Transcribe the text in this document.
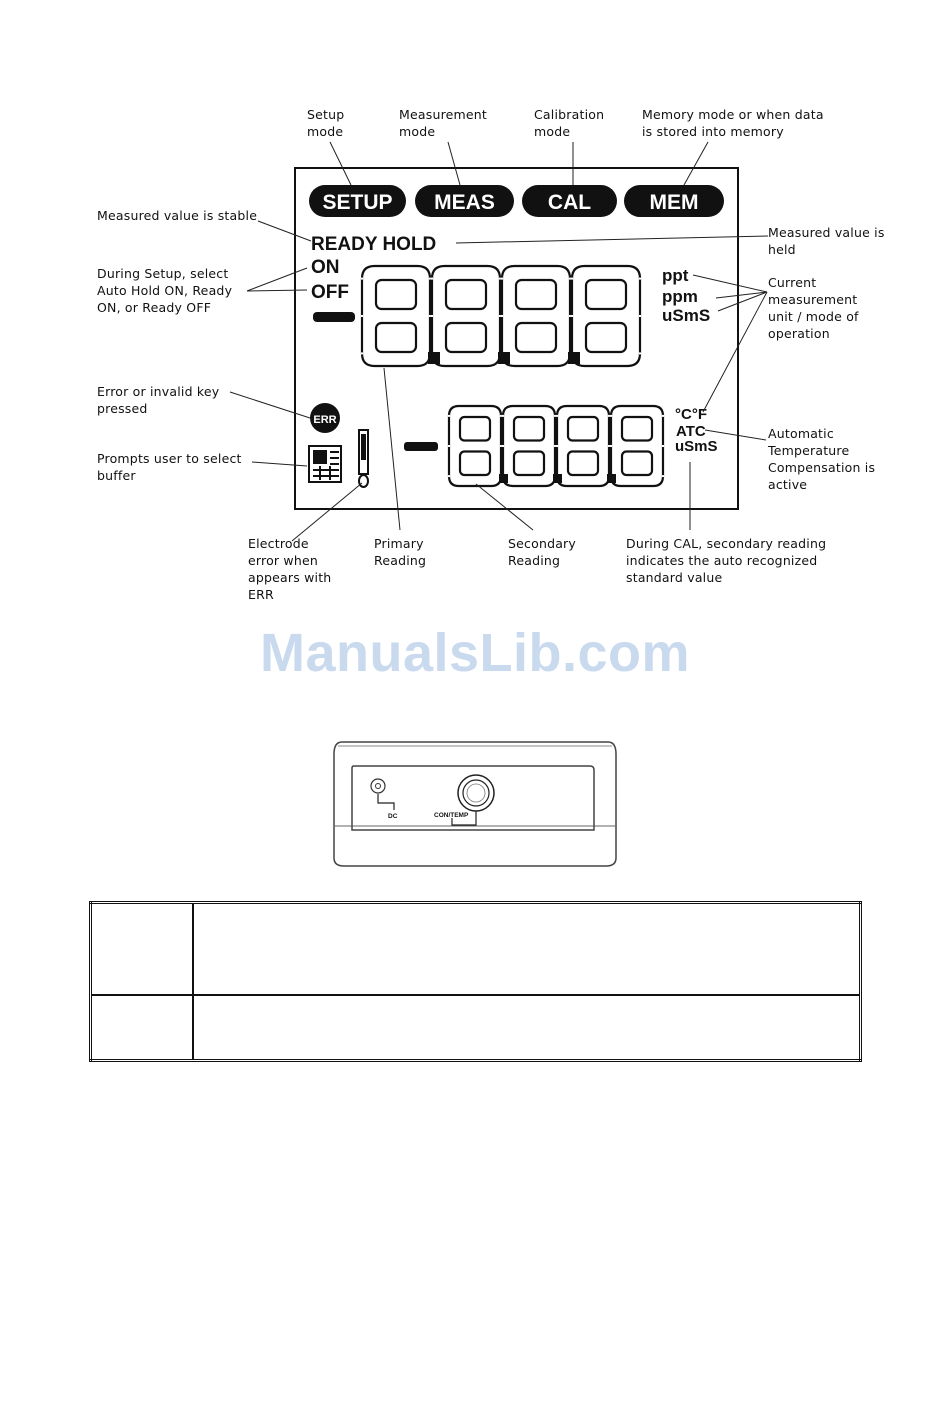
SETUP MEAS	CAL	MEM
READY HOLD
ON
OFF
ppt
ppm
uSmS
ERR	°C°F
ATC
uSmS
Setup
mode
Measurement
mode
Calibration
mode
Memory mode or when data
is stored into memory
Measured value is stable
Measured value is
held
During Setup, select
Auto Hold ON, Ready
ON, or Ready OFF
Current
measurement
unit / mode of
operation
Error or invalid key
pressed
Prompts user to select
buffer
Automatic
Temperature
Compensation is
active
Electrode
error when
appears with
ERR
Primary
Reading
Secondary
Reading
During CAL, secondary reading
indicates the auto recognized
standard value
ManualsLib.com
DC	CON/TEMP
